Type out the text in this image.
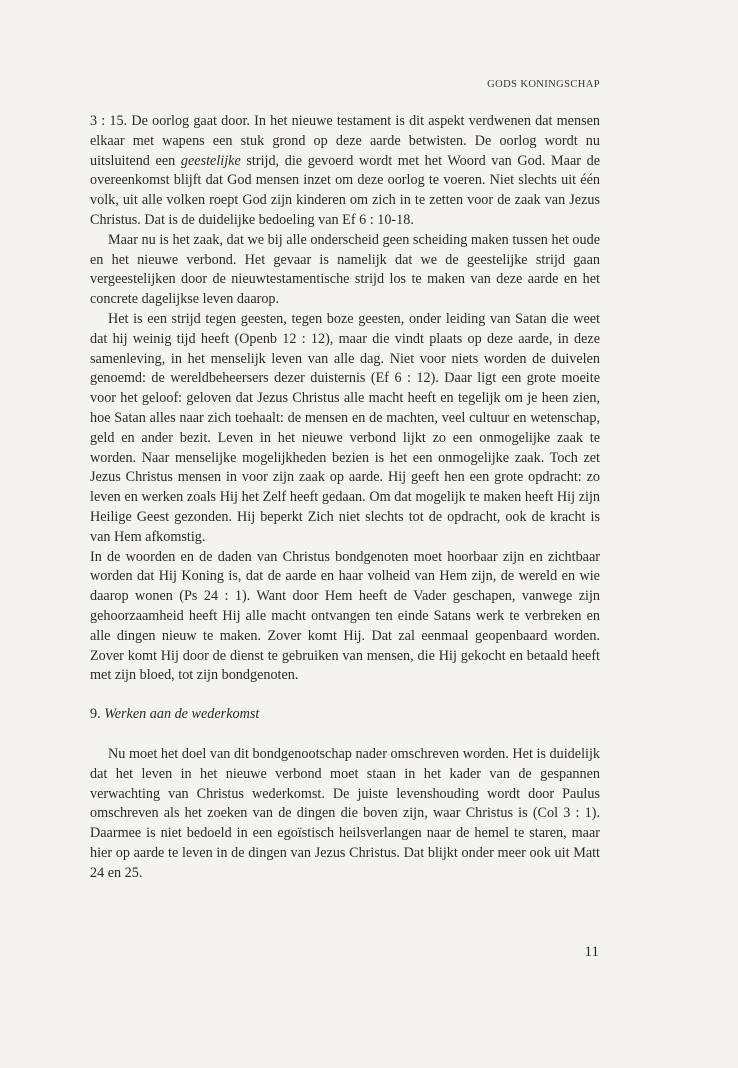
GODS KONINGSCHAP

3 : 15. De oorlog gaat door. In het nieuwe testament is dit aspekt verdwenen dat mensen elkaar met wapens een stuk grond op deze aarde betwisten. De oorlog wordt nu uitsluitend een geestelijke strijd, die gevoerd wordt met het Woord van God. Maar de overeenkomst blijft dat God mensen inzet om deze oorlog te voeren. Niet slechts uit één volk, uit alle volken roept God zijn kinderen om zich in te zetten voor de zaak van Jezus Christus. Dat is de duidelijke bedoeling van Ef 6 : 10-18.

Maar nu is het zaak, dat we bij alle onderscheid geen scheiding maken tussen het oude en het nieuwe verbond. Het gevaar is namelijk dat we de geestelijke strijd gaan vergeestelijken door de nieuwtestamentische strijd los te maken van deze aarde en het concrete dagelijkse leven daarop.

Het is een strijd tegen geesten, tegen boze geesten, onder leiding van Satan die weet dat hij weinig tijd heeft (Openb 12 : 12), maar die vindt plaats op deze aarde, in deze samenleving, in het menselijk leven van alle dag. Niet voor niets worden de duivelen genoemd: de wereldbeheersers dezer duisternis (Ef 6 : 12). Daar ligt een grote moeite voor het geloof: geloven dat Jezus Christus alle macht heeft en tegelijk om je heen zien, hoe Satan alles naar zich toehaalt: de mensen en de machten, veel cultuur en wetenschap, geld en ander bezit. Leven in het nieuwe verbond lijkt zo een onmogelijke zaak te worden. Naar menselijke mogelijkheden bezien is het een onmogelijke zaak. Toch zet Jezus Christus mensen in voor zijn zaak op aarde. Hij geeft hen een grote opdracht: zo leven en werken zoals Hij het Zelf heeft gedaan. Om dat mogelijk te maken heeft Hij zijn Heilige Geest gezonden. Hij beperkt Zich niet slechts tot de opdracht, ook de kracht is van Hem afkomstig.

In de woorden en de daden van Christus bondgenoten moet hoorbaar zijn en zichtbaar worden dat Hij Koning is, dat de aarde en haar volheid van Hem zijn, de wereld en wie daarop wonen (Ps 24 : 1). Want door Hem heeft de Vader geschapen, vanwege zijn gehoorzaamheid heeft Hij alle macht ontvangen ten einde Satans werk te verbreken en alle dingen nieuw te maken. Zover komt Hij. Dat zal eenmaal geopenbaard worden. Zover komt Hij door de dienst te gebruiken van mensen, die Hij gekocht en betaald heeft met zijn bloed, tot zijn bondgenoten.

9. Werken aan de wederkomst

Nu moet het doel van dit bondgenootschap nader omschreven worden. Het is duidelijk dat het leven in het nieuwe verbond moet staan in het kader van de gespannen verwachting van Christus wederkomst. De juiste levenshouding wordt door Paulus omschreven als het zoeken van de dingen die boven zijn, waar Christus is (Col 3 : 1). Daarmee is niet bedoeld in een egoïstisch heilsverlangen naar de hemel te staren, maar hier op aarde te leven in de dingen van Jezus Christus. Dat blijkt onder meer ook uit Matt 24 en 25.

11
